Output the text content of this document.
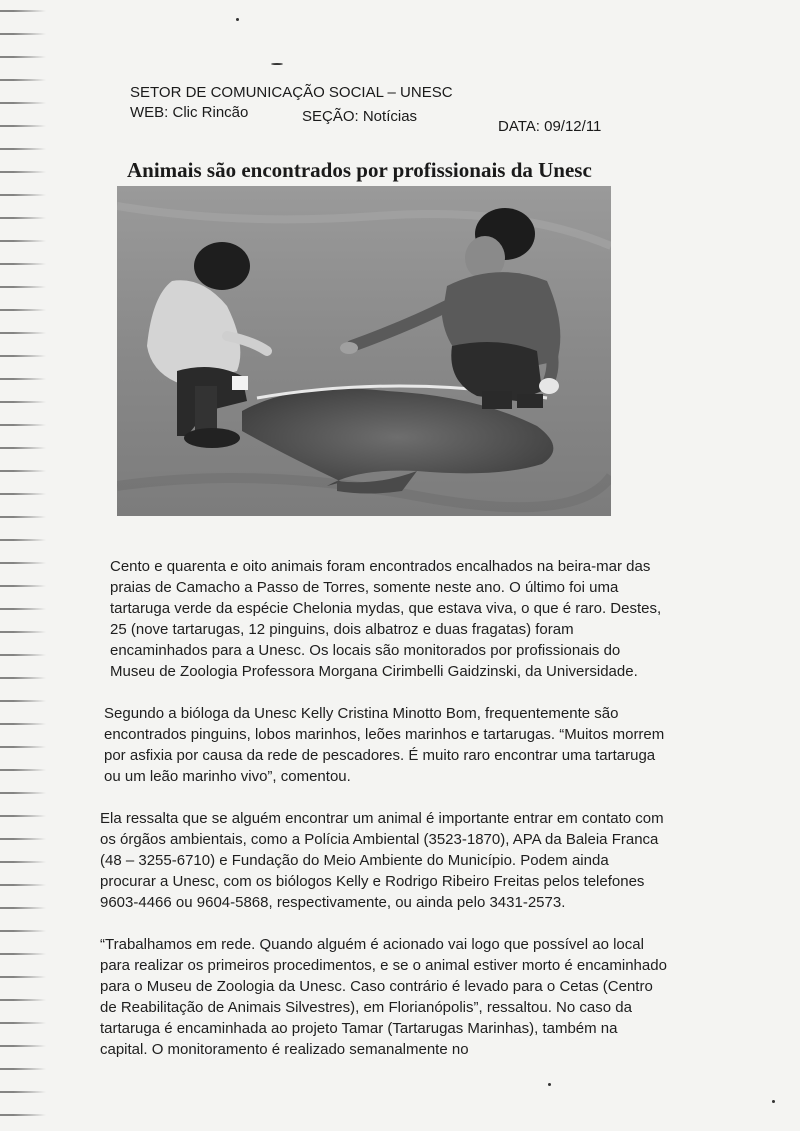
SETOR DE COMUNICAÇÃO SOCIAL – UNESC
WEB: Clic Rincão	SEÇÃO: Notícias
DATA: 09/12/11
Animais são encontrados por profissionais da Unesc

Cento e quarenta e oito animais foram encontrados encalhados na beira-mar das praias de Camacho a Passo de Torres, somente neste ano. O último foi uma tartaruga verde da espécie Chelonia mydas, que estava viva, o que é raro. Destes, 25 (nove tartarugas, 12 pinguins, dois albatroz e duas fragatas) foram encaminhados para a Unesc. Os locais são monitorados por profissionais do Museu de Zoologia Professora Morgana Cirimbelli Gaidzinski, da Universidade.

Segundo a bióloga da Unesc Kelly Cristina Minotto Bom, frequentemente são encontrados pinguins, lobos marinhos, leões marinhos e tartarugas. “Muitos morrem por asfixia por causa da rede de pescadores. É muito raro encontrar uma tartaruga ou um leão marinho vivo”, comentou.

Ela ressalta que se alguém encontrar um animal é importante entrar em contato com os órgãos ambientais, como a Polícia Ambiental (3523-1870), APA da Baleia Franca (48 – 3255-6710) e Fundação do Meio Ambiente do Município. Podem ainda procurar a Unesc, com os biólogos Kelly e Rodrigo Ribeiro Freitas pelos telefones 9603-4466 ou 9604-5868, respectivamente, ou ainda pelo 3431-2573.

“Trabalhamos em rede. Quando alguém é acionado vai logo que possível ao local para realizar os primeiros procedimentos, e se o animal estiver morto é encaminhado para o Museu de Zoologia da Unesc. Caso contrário é levado para o Cetas (Centro de Reabilitação de Animais Silvestres), em Florianópolis”, ressaltou. No caso da tartaruga é encaminhada ao projeto Tamar (Tartarugas Marinhas), também na capital. O monitoramento é realizado semanalmente no
